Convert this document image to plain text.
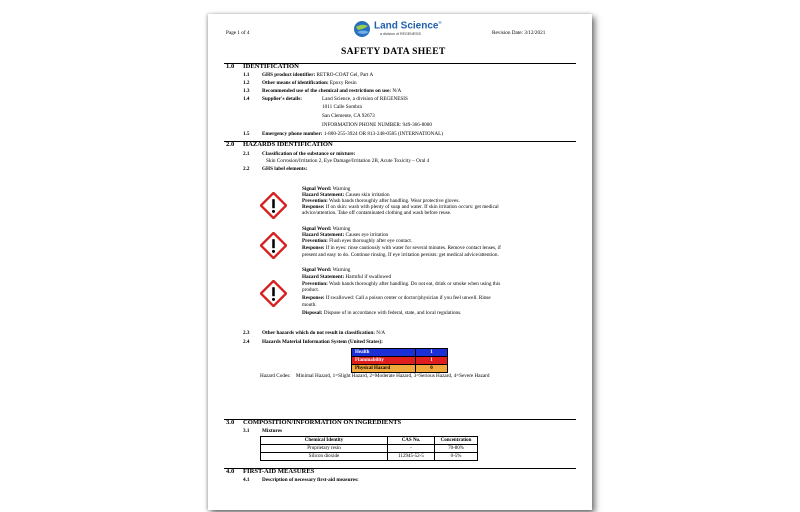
Page 1 of 4	Revision Date: 3/12/2021
Land Science®
a division of REGENESIS
SAFETY DATA SHEET
1.0 IDENTIFICATION
1.1 GHS product identifier: RETRO-COAT Gel, Part A
1.2 Other means of identification: Epoxy Resin
1.3 Recommended use of the chemical and restrictions on use: N/A
1.4 Supplier's details:	Land Science, a division of REGENESIS
1011 Calle Sombra
San Clemente, CA 92673
INFORMATION PHONE NUMBER: 949-366-8000
1.5 Emergency phone number: 1-800-255-3924 OR 813-248-0585 (INTERNATIONAL)
2.0 HAZARDS IDENTIFICATION
2.1 Classification of the substance or mixture:
Skin Corrosion/Irritation 2, Eye Damage/Irritation 2B, Acute Toxicity – Oral 4
2.2 GHS label elements:
Signal Word: Warning
Hazard Statement: Causes skin irritation
Prevention: Wash hands thoroughly after handling. Wear protective gloves.
Response: If on skin: wash with plenty of soap and water. If skin irritation occurs: get medical
advice/attention. Take off contaminated clothing and wash before reuse.
Signal Word: Warning
Hazard Statement: Causes eye irritation
Prevention: Flush eyes thoroughly after eye contact.
Response: If in eyes: rinse cautiously with water for several minutes. Remove contact lenses, if
present and easy to do. Continue rinsing. If eye irritation persists: get medical advice/attention.
Signal Word: Warning
Hazard Statement: Harmful if swallowed
Prevention: Wash hands thoroughly after handling. Do not eat, drink or smoke when using this
product.
Response: If swallowed: Call a poison center or doctor/physician if you feel unwell. Rinse
mouth.
Disposal: Dispose of in accordance with federal, state, and local regulations.
2.3 Other hazards which do not result in classification: N/A
2.4 Hazards Material Information System (United States):
Health	1
Flammability	1
Physical Hazard	0
Hazard Codes:    Minimal Hazard, 1=Slight Hazard, 2=Moderate Hazard, 3=Serious Hazard, 4=Severe Hazard
3.0 COMPOSITION/INFORMATION ON INGREDIENTS
3.1 Mixtures
Chemical Identity	CAS No.	Concentration
Proprietary resin	-	70-80%
Silicon dioxide	112945-52-5	0-5%
4.0 FIRST-AID MEASURES
4.1 Description of necessary first-aid measures:
